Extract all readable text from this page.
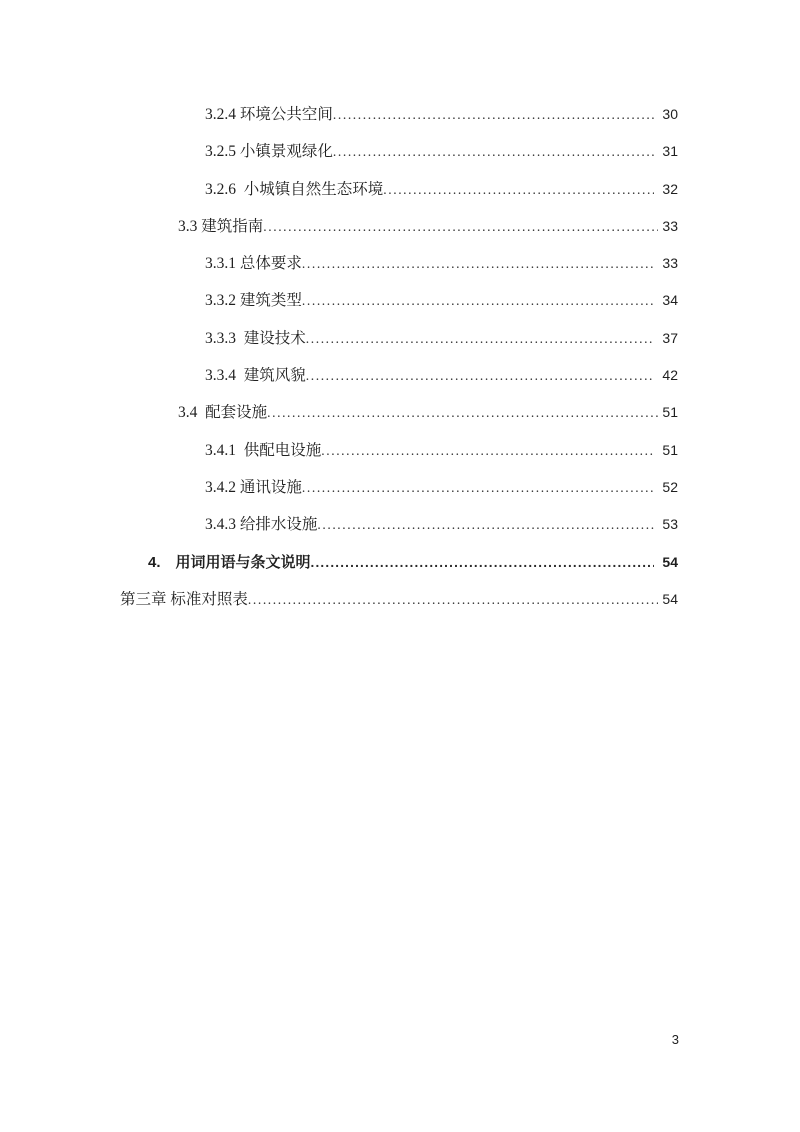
3.2.4 环境公共空间 .....	30
3.2.5 小镇景观绿化 .....	31
3.2.6 小城镇自然生态环境 .....	32
3.3 建筑指南 .....	33
3.3.1 总体要求 .....	33
3.3.2 建筑类型 .....	34
3.3.3 建设技术 .....	37
3.3.4 建筑风貌 .....	42
3.4 配套设施 .....	51
3.4.1 供配电设施 .....	51
3.4.2 通讯设施 .....	52
3.4.3 给排水设施 .....	53
4. 用词用语与条文说明 .....	54
第三章 标准对照表 .....	54
3
